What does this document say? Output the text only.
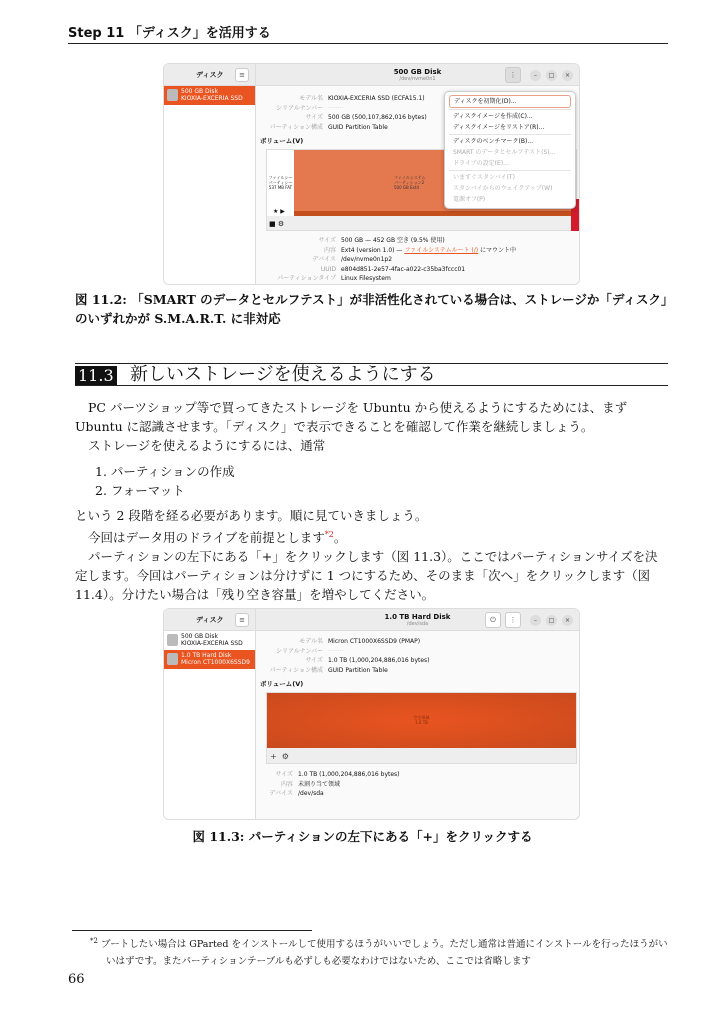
Step 11 「ディスク」を活用する
ディスク	≡
500 GB Disk
KIOXIA-EXCERIA SSD
500 GB Disk
/dev/nvme0n1	⋮	–	□	×
モデル名 KIOXIA-EXCERIA SSD (ECFA15.1)
シリアルナンバー ········
サイズ 500 GB (500,107,862,016 bytes)
パーティション構成 GUID Partition Table
ボリューム(V)
ファイルシ—
パーティシ—
537 MB FAT
★ ▶
ファイルシステム
パーティション2
500 GB Ext4
■ ⚙
サイズ 500 GB — 452 GB 空き (9.5% 使用)
内容 Ext4 (version 1.0) — ファイルシステムルート (/) にマウント中
デバイス /dev/nvme0n1p2
UUID e804d851-2e57-4fac-a022-c35ba3fccc01
パーティションタイプ Linux Filesystem
ディスクを初期化(D)...
ディスクイメージを作成(C)...
ディスクイメージをリストア(R)...
ディスクのベンチマーク(B)...
SMART のデータとセルフテスト(S)...
ドライブの設定(E)...
いますぐスタンバイ(T)
スタンバイからのウェイクアップ(W)
電源オフ(P)
図 11.2: 「SMART のデータとセルフテスト」が非活性化されている場合は、ストレージか「ディスク」のいずれかが S.M.A.R.T. に非対応
11.3 新しいストレージを使えるようにする

PC パーツショップ等で買ってきたストレージを Ubuntu から使えるようにするためには、まず Ubuntu に認識させます。「ディスク」で表示できることを確認して作業を継続しましょう。

ストレージを使えるようにするには、通常

1. パーティションの作成
2. フォーマット

という 2 段階を経る必要があります。順に見ていきましょう。

今回はデータ用のドライブを前提とします$^{*2}$。

パーティションの左下にある「+」をクリックします（図 11.3）。ここではパーティションサイズを決定します。今回はパーティションは分けずに 1 つにするため、そのまま「次へ」をクリックします（図 11.4）。分けたい場合は「残り空き容量」を増やしてください。

ディスク	≡
500 GB Disk
KIOXIA-EXCERIA SSD
1.0 TB Hard Disk
Micron CT1000X6SSD9
1.0 TB Hard Disk
/dev/sda	⏻	⋮	–	□	×
モデル名 Micron CT1000X6SSD9 (PMAP)
シリアルナンバー ········
サイズ 1.0 TB (1,000,204,886,016 bytes)
パーティション構成 GUID Partition Table
ボリューム(V)
空き領域
1.0 TB
+ ⚙
サイズ 1.0 TB (1,000,204,886,016 bytes)
内容 未割り当て領域
デバイス /dev/sda
図 11.3: パーティションの左下にある「+」をクリックする
$^{*2}$ ブートしたい場合は GParted をインストールして使用するほうがいいでしょう。ただし通常は普通にインストールを行ったほうがいいはずです。またパーティションテーブルも必ずしも必要なわけではないため、ここでは省略します
66
